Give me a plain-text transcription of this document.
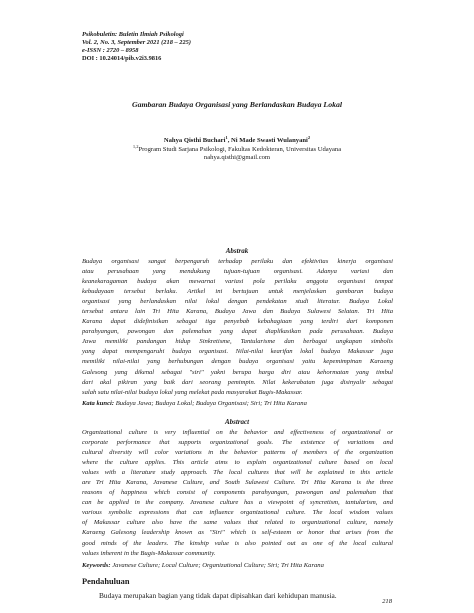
Psikobuletin: Buletin Ilmiah Psikologi
Vol. 2, No. 3, September 2021 (218 – 225)
e-ISSN : 2720 – 8958
DOI : 10.24014/pib.v2i3.9816
Gambaran Budaya Organisasi yang Berlandaskan Budaya Lokal
Nahya Qisthi Buchari$^1$, Ni Made Swasti Wulanyani$^2$
$^{1,2}$Program Studi Sarjana Psikologi, Fakultas Kedokteran, Universitas Udayana
nahya.qisthi@gmail.com
Abstrak
Budaya organisasi sangat berpengaruh terhadap perilaku dan efektivitas kinerja organisasi
atau perusahaan yang mendukung tujuan-tujuan organisasi. Adanya variasi dan
keanekaragaman budaya akan mewarnai variasi pola perilaku anggota organisasi tempat
kebudayaan tersebut berlaku. Artikel ini bertujuan untuk menjelaskan gambaran budaya
organisasi yang berlandaskan nilai lokal dengan pendekatan studi literatur. Budaya Lokal
tersebut antara lain Tri Hita Karana, Budaya Jawa dan Budaya Sulawesi Selatan. Tri Hita
Karana dapat didefinisikan sebagai tiga penyebab kebahagiaan yang terdiri dari komponen
parahyangan, pawongan dan palemahan yang dapat diaplikasikan pada perusahaan. Budaya
Jawa memiliki pandangan hidup Sinkretisme, Tantularisme dan berbagai ungkapan simbolis
yang dapat mempengaruhi budaya organisasi. Nilai-nilai kearifan lokal budaya Makassar juga
memiliki nilai-nilai yang berhubungan dengan budaya organisasi yaitu kepemimpinan Karaeng
Galesong yang dikenal sebagai "siri" yakni berupa harga diri atau kehormatan yang timbul
dari akal pikiran yang baik dari seorang pemimpin. Nilai kekerabatan juga disinyalir sebagai
salah satu nilai-nilai budaya lokal yang melekat pada masyarakat Bugis-Makassar.
Kata kunci: Budaya Jawa; Budaya Lokal; Budaya Organisasi; Siri; Tri Hita Karana
Abstract
Organizational culture is very influential on the behavior and effectiveness of organizational or
corporate performance that supports organizational goals. The existence of variations and
cultural diversity will color variations in the behavior patterns of members of the organization
where the culture applies. This article aims to explain organizational culture based on local
values with a literature study approach. The local cultures that will be explained in this article
are Tri Hita Karana, Javanese Culture, and South Sulawesi Culture. Tri Hita Karana is the three
reasons of happiness which consist of components parahyangan, pawongan and palemahan that
can be applied in the company. Javanese culture has a viewpoint of syncretism, tantularism, and
various symbolic expressions that can influence organizational culture. The local wisdom values
of Makassar culture also have the same values that related to organizational culture, namely
Karaeng Galesong leadership known as "Siri" which is self-esteem or honor that arises from the
good minds of the leaders. The kinship value is also pointed out as one of the local cultural
values inherent in the Bugis-Makassar community.
Keywords: Javanese Culture; Local Culture; Organizational Culture; Siri; Tri Hita Karana
Pendahuluan
Budaya merupakan bagian yang tidak dapat dipisahkan dari kehidupan manusia.
218
